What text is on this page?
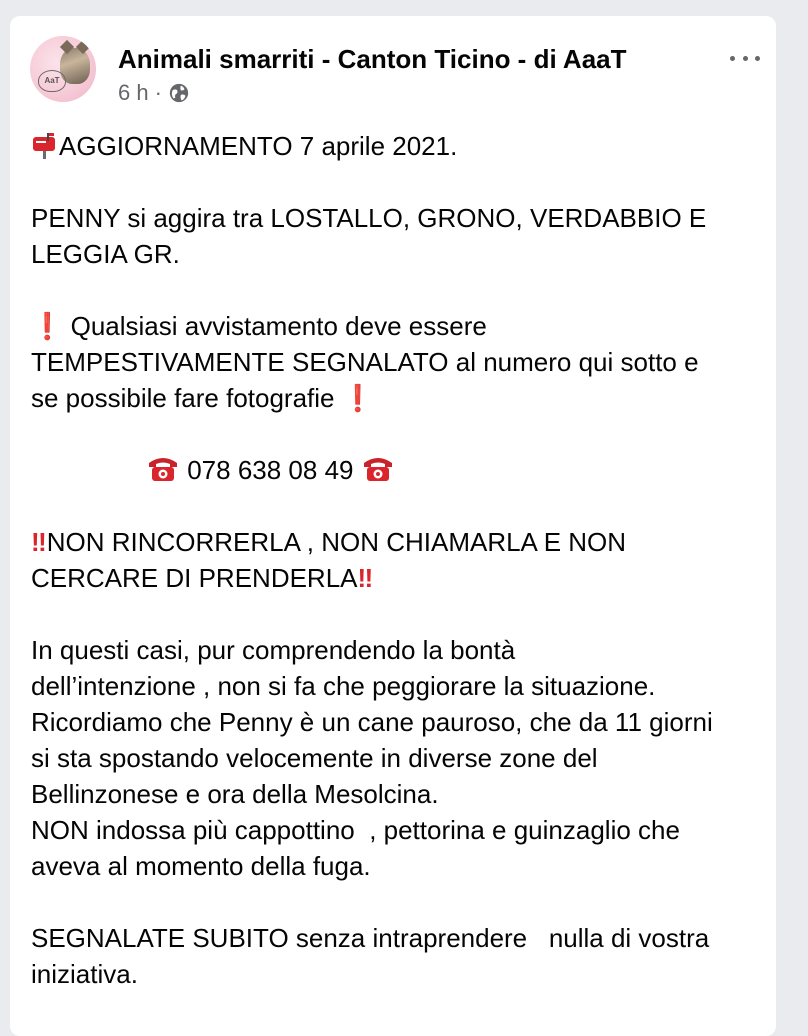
AaT
Animali smarriti - Canton Ticino - di AaaT
6 h ·

AGGIORNAMENTO 7 aprile 2021.

PENNY si aggira tra LOSTALLO, GRONO, VERDABBIO E LEGGIA GR.

❗ Qualsiasi avvistamento deve essere

TEMPESTIVAMENTE SEGNALATO al numero qui sotto e

se possibile fare fotografie ❗

078 638 08 49

‼NON RINCORRERLA , NON CHIAMARLA E NON

CERCARE DI PRENDERLA‼

In questi casi, pur comprendendo la bontà
dell’intenzione , non si fa che peggiorare la situazione.
Ricordiamo che Penny è un cane pauroso, che da 11 giorni
si sta spostando velocemente in diverse zone del
Bellinzonese e ora della Mesolcina.
NON indossa più cappottino  , pettorina e guinzaglio che
aveva al momento della fuga.

SEGNALATE SUBITO senza intraprendere   nulla di vostra
iniziativa.
